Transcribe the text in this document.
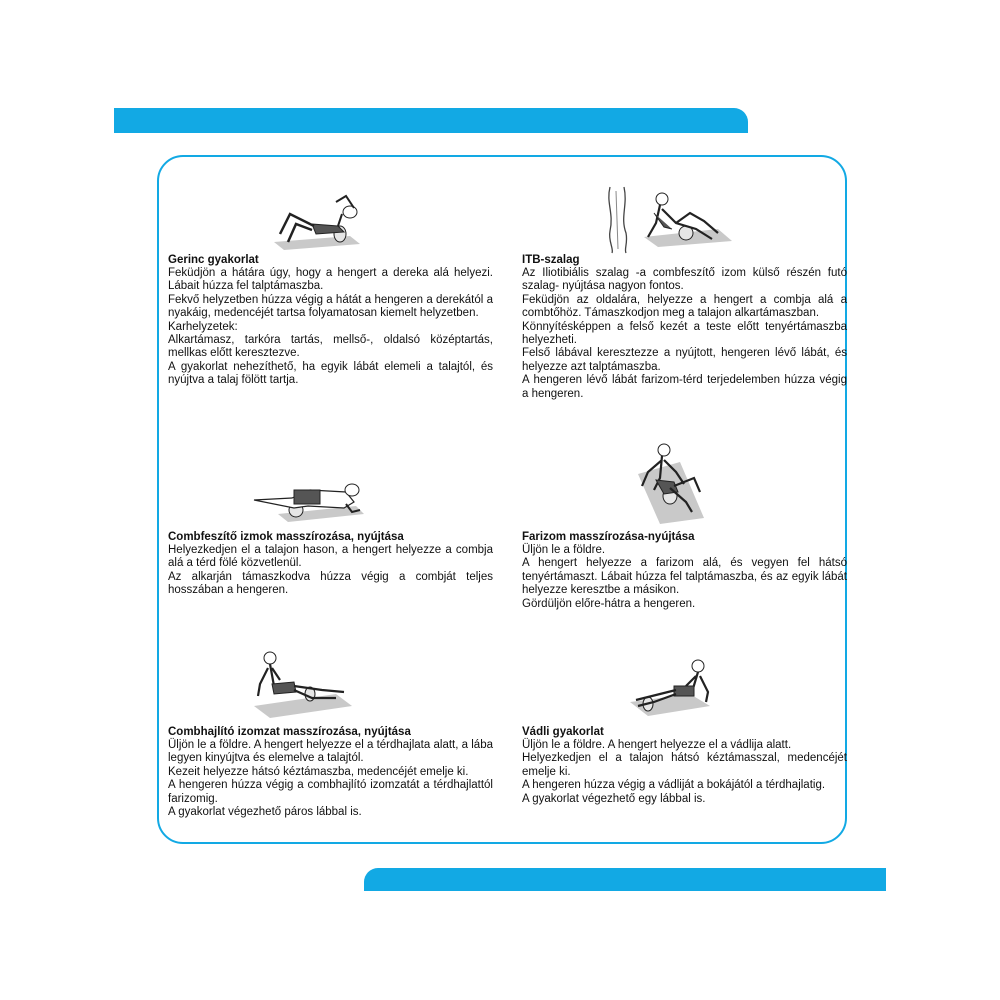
Gerinc gyakorlat

Feküdjön a hátára úgy, hogy a hengert a dereka alá helyezi. Lábait húzza fel talptámaszba.

Fekvő helyzetben húzza végig a hátát a hengeren a derekától a nyakáig, medencéjét tartsa folyamatosan kiemelt helyzetben.

Karhelyzetek:

Alkartámasz, tarkóra tartás, mellső-, oldalsó középtartás, mellkas előtt keresztezve.

A gyakorlat nehezíthető, ha egyik lábát elemeli a talajtól, és nyújtva a talaj fölött tartja.

ITB-szalag

Az Iliotibiális szalag -a combfeszítő izom külső részén futó szalag- nyújtása nagyon fontos.

Feküdjön az oldalára, helyezze a hengert a combja alá a combtőhöz. Támaszkodjon meg a talajon alkartámaszban.

Könnyítésképpen a felső kezét a teste előtt tenyértámaszba helyezheti.

Felső lábával keresztezze a nyújtott, hengeren lévő lábát, és helyezze azt talptámaszba.

A hengeren lévő lábát farizom-térd terjedelemben húzza végig a hengeren.

Combfeszítő izmok masszírozása, nyújtása

Helyezkedjen el a talajon hason, a hengert helyezze a combja alá a térd fölé közvetlenül.

Az alkarján támaszkodva húzza végig a combját teljes hosszában a hengeren.

Farizom masszírozása-nyújtása

Üljön le a földre.

A hengert helyezze a farizom alá, és vegyen fel hátsó tenyértámaszt. Lábait húzza fel talptámaszba, és az egyik lábát helyezze keresztbe a másikon.

Gördüljön előre-hátra a hengeren.

Combhajlító izomzat masszírozása, nyújtása

Üljön le a földre. A hengert helyezze el a térdhajlata alatt, a lába legyen kinyújtva és elemelve a talajtól.

Kezeit helyezze hátsó kéztámaszba, medencéjét emelje ki.

A hengeren húzza végig a combhajlító izomzatát a térdhajlattól farizomig.

A gyakorlat végezhető páros lábbal is.

Vádli gyakorlat

Üljön le a földre. A hengert helyezze el a vádlija alatt.

Helyezkedjen el a talajon hátsó kéztámasszal, medencéjét emelje ki.

A hengeren húzza végig a vádliját a bokájától a térdhajlatig.

A gyakorlat végezhető egy lábbal is.
